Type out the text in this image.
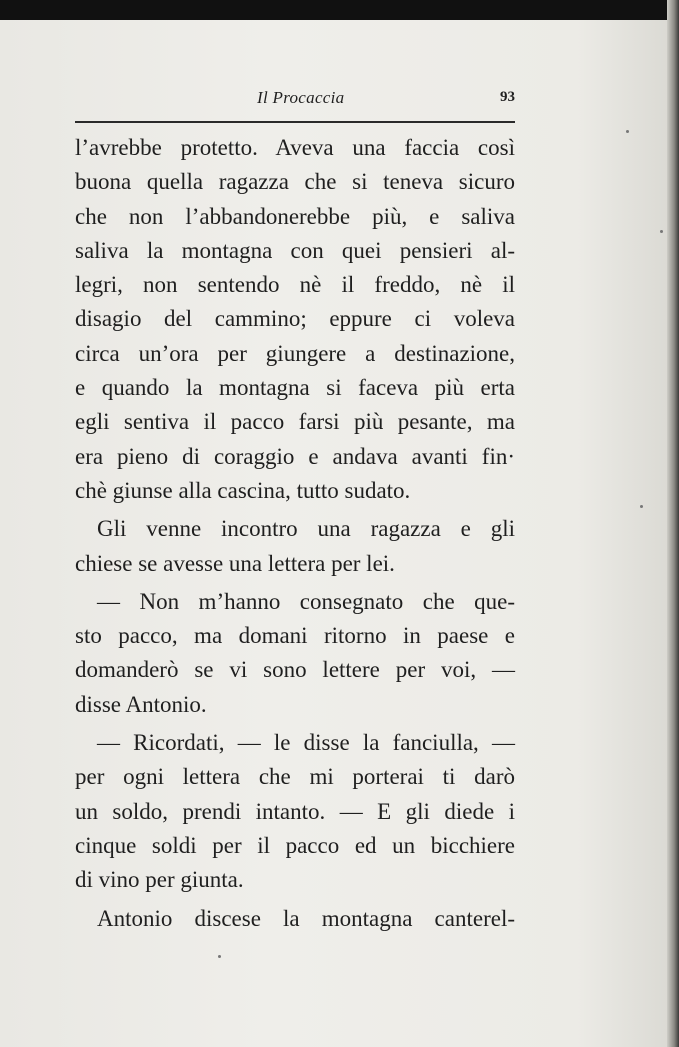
Il Procaccia	93
l’avrebbe protetto. Aveva una faccia così
buona quella ragazza che si teneva sicuro
che non l’abbandonerebbe più, e saliva
saliva la montagna con quei pensieri al-
legri, non sentendo nè il freddo, nè il
disagio del cammino; eppure ci voleva
circa un’ora per giungere a destinazione,
e quando la montagna si faceva più erta
egli sentiva il pacco farsi più pesante, ma
era pieno di coraggio e andava avanti fin·
chè giunse alla cascina, tutto sudato.
Gli venne incontro una ragazza e gli
chiese se avesse una lettera per lei.
— Non m’hanno consegnato che que-
sto pacco, ma domani ritorno in paese e
domanderò se vi sono lettere per voi, —
disse Antonio.
— Ricordati, — le disse la fanciulla, —
per ogni lettera che mi porterai ti darò
un soldo, prendi intanto. — E gli diede i
cinque soldi per il pacco ed un bicchiere
di vino per giunta.
Antonio discese la montagna canterel-
